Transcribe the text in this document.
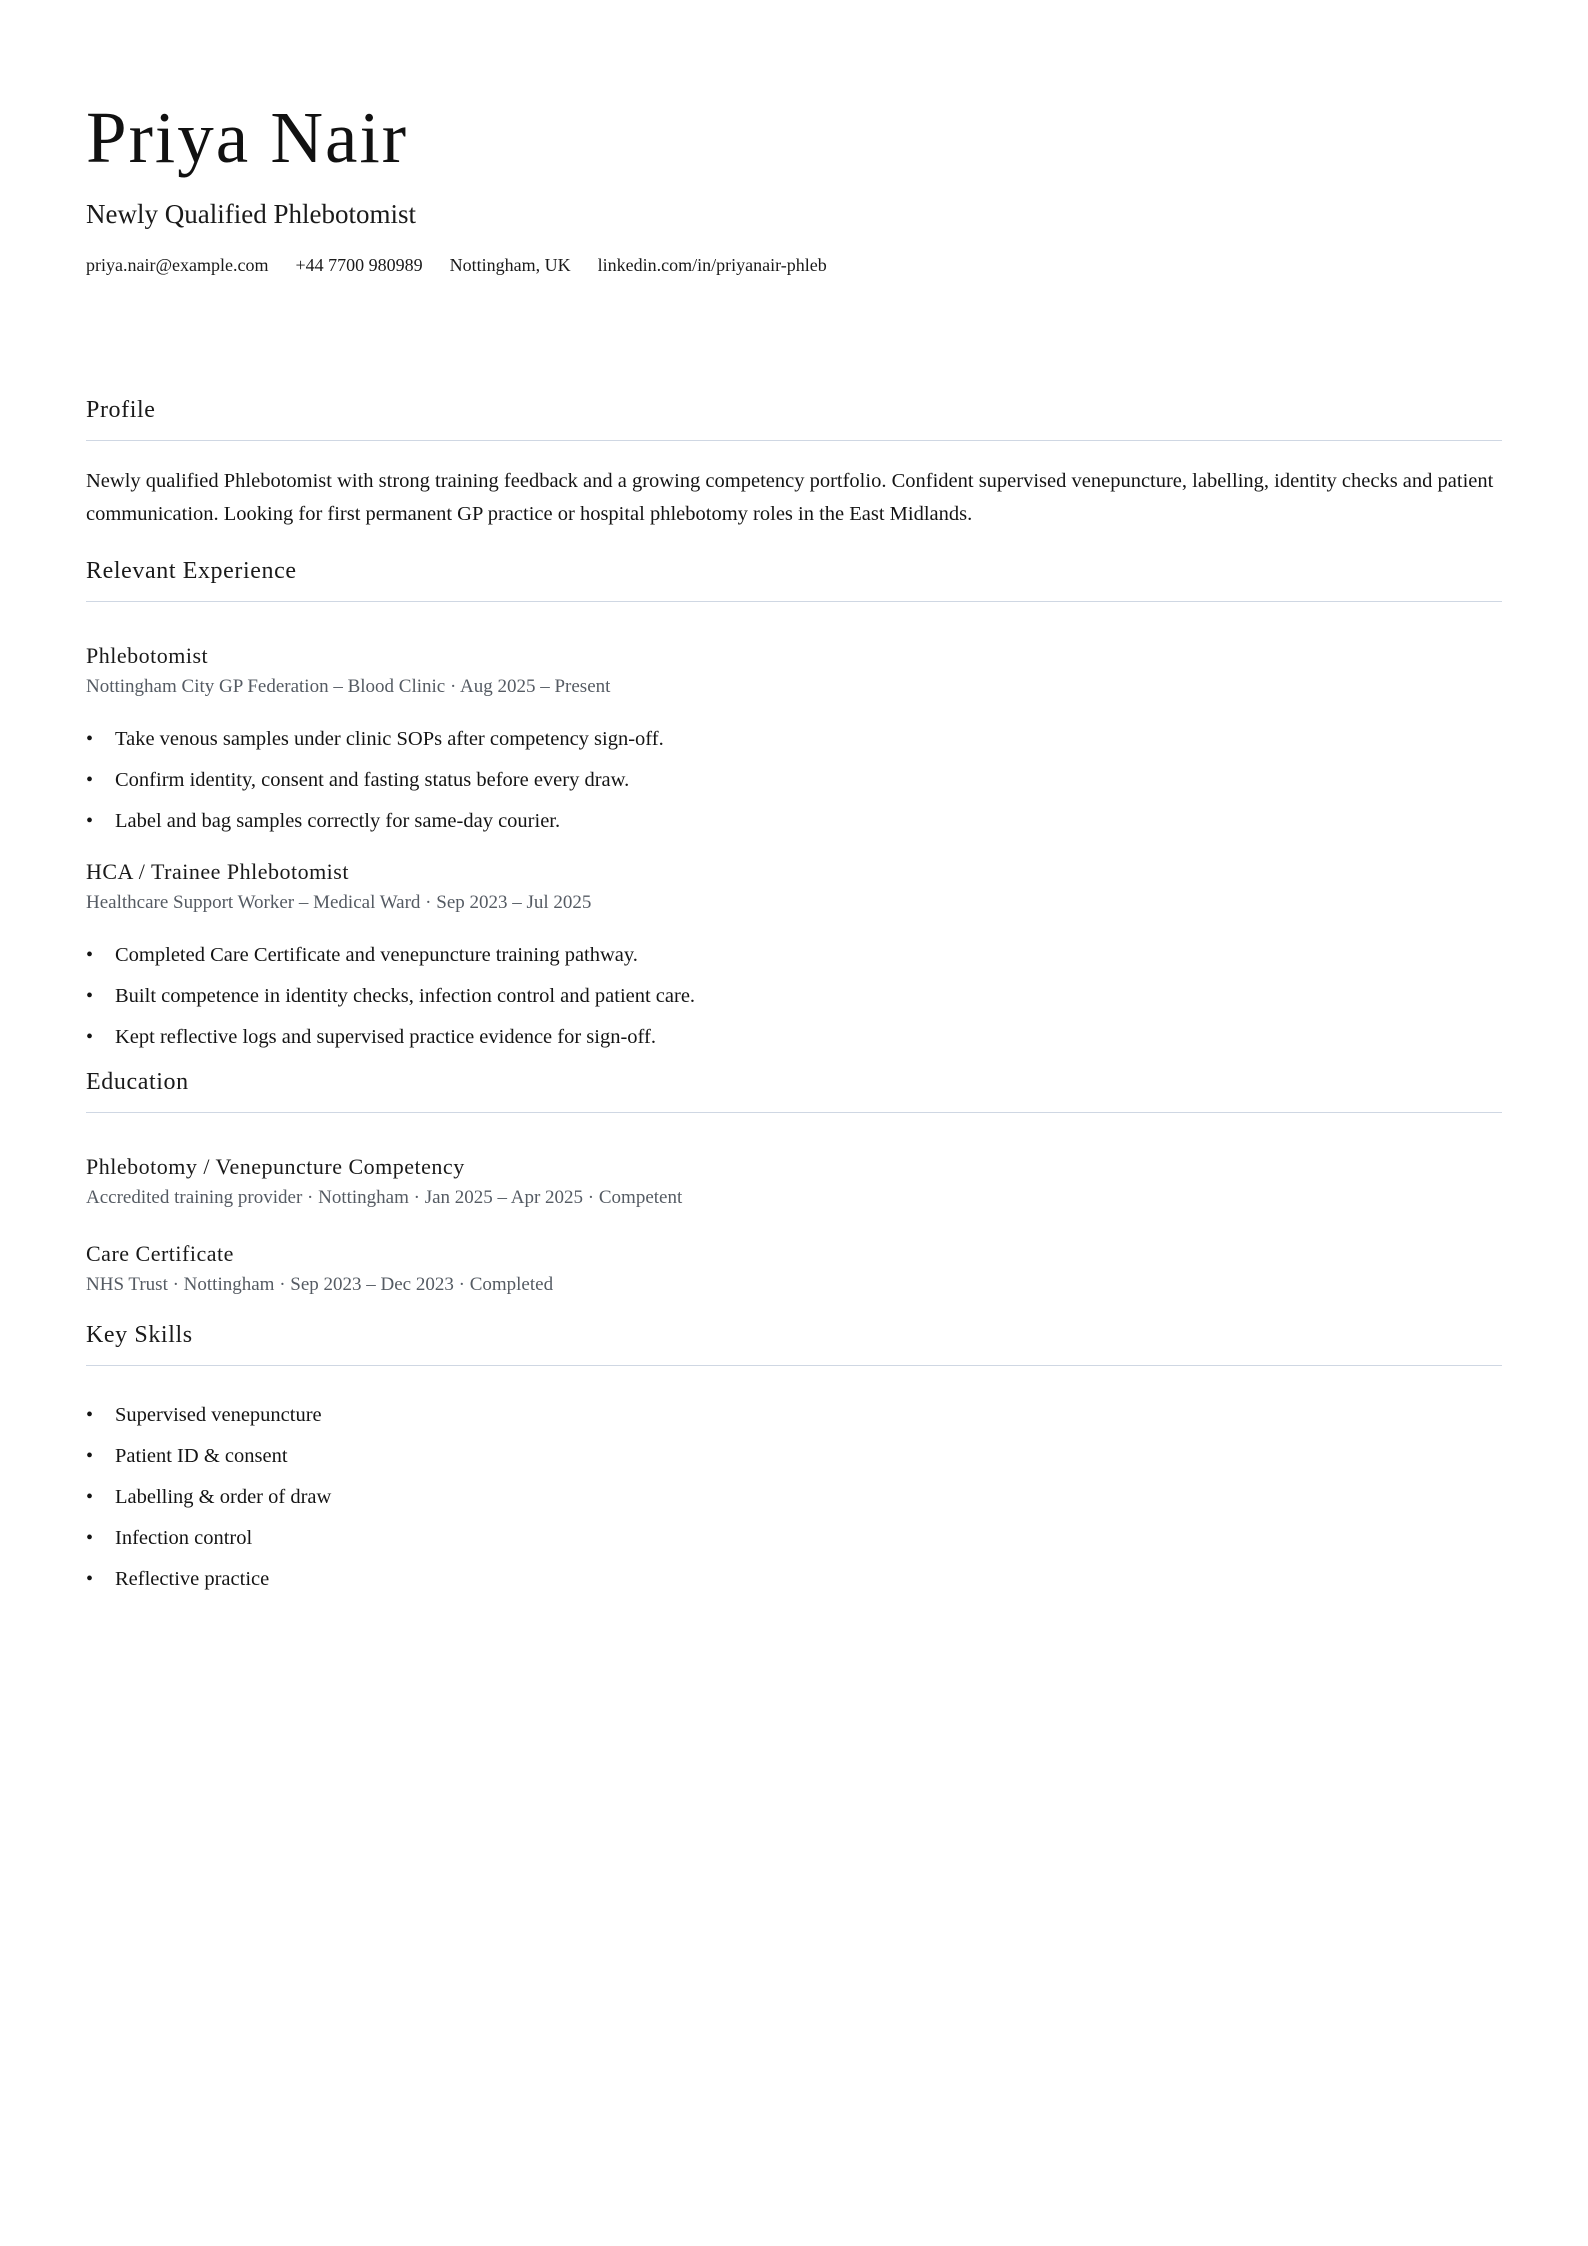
Priya Nair
Newly Qualified Phlebotomist
priya.nair@example.com +44 7700 980989 Nottingham, UK linkedin.com/in/priyanair-phleb
Profile
Newly qualified Phlebotomist with strong training feedback and a growing competency portfolio. Confident supervised venepuncture, labelling, identity checks and patient communication. Looking for first permanent GP practice or hospital phlebotomy roles in the East Midlands.
Relevant Experience
Phlebotomist
Nottingham City GP Federation – Blood Clinic · Aug 2025 – Present
• Take venous samples under clinic SOPs after competency sign-off.
• Confirm identity, consent and fasting status before every draw.
• Label and bag samples correctly for same-day courier.
HCA / Trainee Phlebotomist
Healthcare Support Worker – Medical Ward · Sep 2023 – Jul 2025
• Completed Care Certificate and venepuncture training pathway.
• Built competence in identity checks, infection control and patient care.
• Kept reflective logs and supervised practice evidence for sign-off.
Education
Phlebotomy / Venepuncture Competency
Accredited training provider · Nottingham · Jan 2025 – Apr 2025 · Competent
Care Certificate
NHS Trust · Nottingham · Sep 2023 – Dec 2023 · Completed
Key Skills
• Supervised venepuncture
• Patient ID & consent
• Labelling & order of draw
• Infection control
• Reflective practice
